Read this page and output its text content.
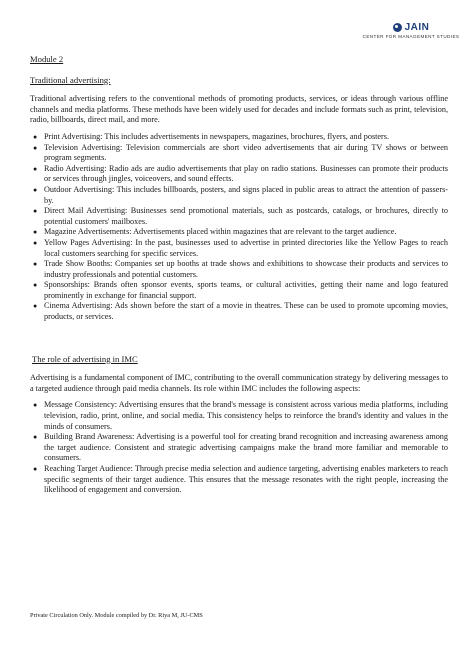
JAIN
CENTER FOR MANAGEMENT STUDIES
Module 2
Traditional advertising:

Traditional advertising refers to the conventional methods of promoting products, services, or ideas through various offline channels and media platforms. These methods have been widely used for decades and include formats such as print, television, radio, billboards, direct mail, and more.

● Print Advertising: This includes advertisements in newspapers, magazines, brochures, flyers, and posters.
● Television Advertising: Television commercials are short video advertisements that air during TV shows or between program segments.
● Radio Advertising: Radio ads are audio advertisements that play on radio stations. Businesses can promote their products or services through jingles, voiceovers, and sound effects.
● Outdoor Advertising: This includes billboards, posters, and signs placed in public areas to attract the attention of passers-by.
● Direct Mail Advertising: Businesses send promotional materials, such as postcards, catalogs, or brochures, directly to potential customers' mailboxes.
● Magazine Advertisements: Advertisements placed within magazines that are relevant to the target audience.
● Yellow Pages Advertising: In the past, businesses used to advertise in printed directories like the Yellow Pages to reach local customers searching for specific services.
● Trade Show Booths: Companies set up booths at trade shows and exhibitions to showcase their products and services to industry professionals and potential customers.
● Sponsorships: Brands often sponsor events, sports teams, or cultural activities, getting their name and logo featured prominently in exchange for financial support.
● Cinema Advertising: Ads shown before the start of a movie in theatres. These can be used to promote upcoming movies, products, or services.
The role of advertising in IMC

Advertising is a fundamental component of IMC, contributing to the overall communication strategy by delivering messages to a targeted audience through paid media channels. Its role within IMC includes the following aspects:

● Message Consistency: Advertising ensures that the brand's message is consistent across various media platforms, including television, radio, print, online, and social media. This consistency helps to reinforce the brand's identity and values in the minds of consumers.
● Building Brand Awareness: Advertising is a powerful tool for creating brand recognition and increasing awareness among the target audience. Consistent and strategic advertising campaigns make the brand more familiar and memorable to consumers.
● Reaching Target Audience: Through precise media selection and audience targeting, advertising enables marketers to reach specific segments of their target audience. This ensures that the message resonates with the right people, increasing the likelihood of engagement and conversion.
Private Circulation Only. Module compiled by Dr. Riya M, JU-CMS
